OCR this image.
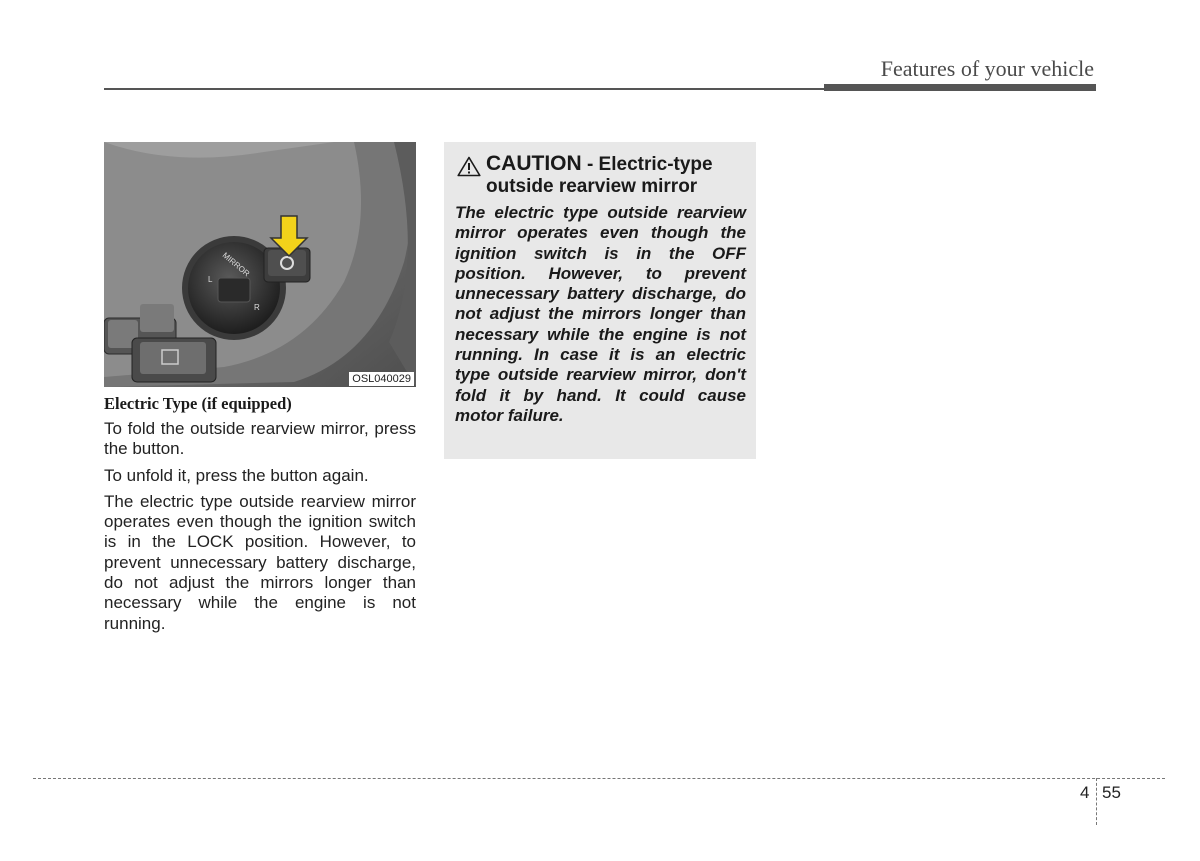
Features of your vehicle
MIRROR
L
R
OSL040029
Electric Type (if equipped)

To fold the outside rearview mirror, press the button.

To unfold it, press the button again.

The electric type outside rearview mirror operates even though the ignition switch is in the LOCK position. However, to prevent unnecessary battery discharge, do not adjust the mirrors longer than necessary while the engine is not running.

CAUTION - Electric-type outside rearview mirror
The electric type outside rearview mirror operates even though the ignition switch is in the OFF position. However, to prevent unnecessary battery discharge, do not adjust the mirrors longer than necessary while the engine is not running. In case it is an electric type outside rearview mirror, don't fold it by hand. It could cause motor failure.
4 55
